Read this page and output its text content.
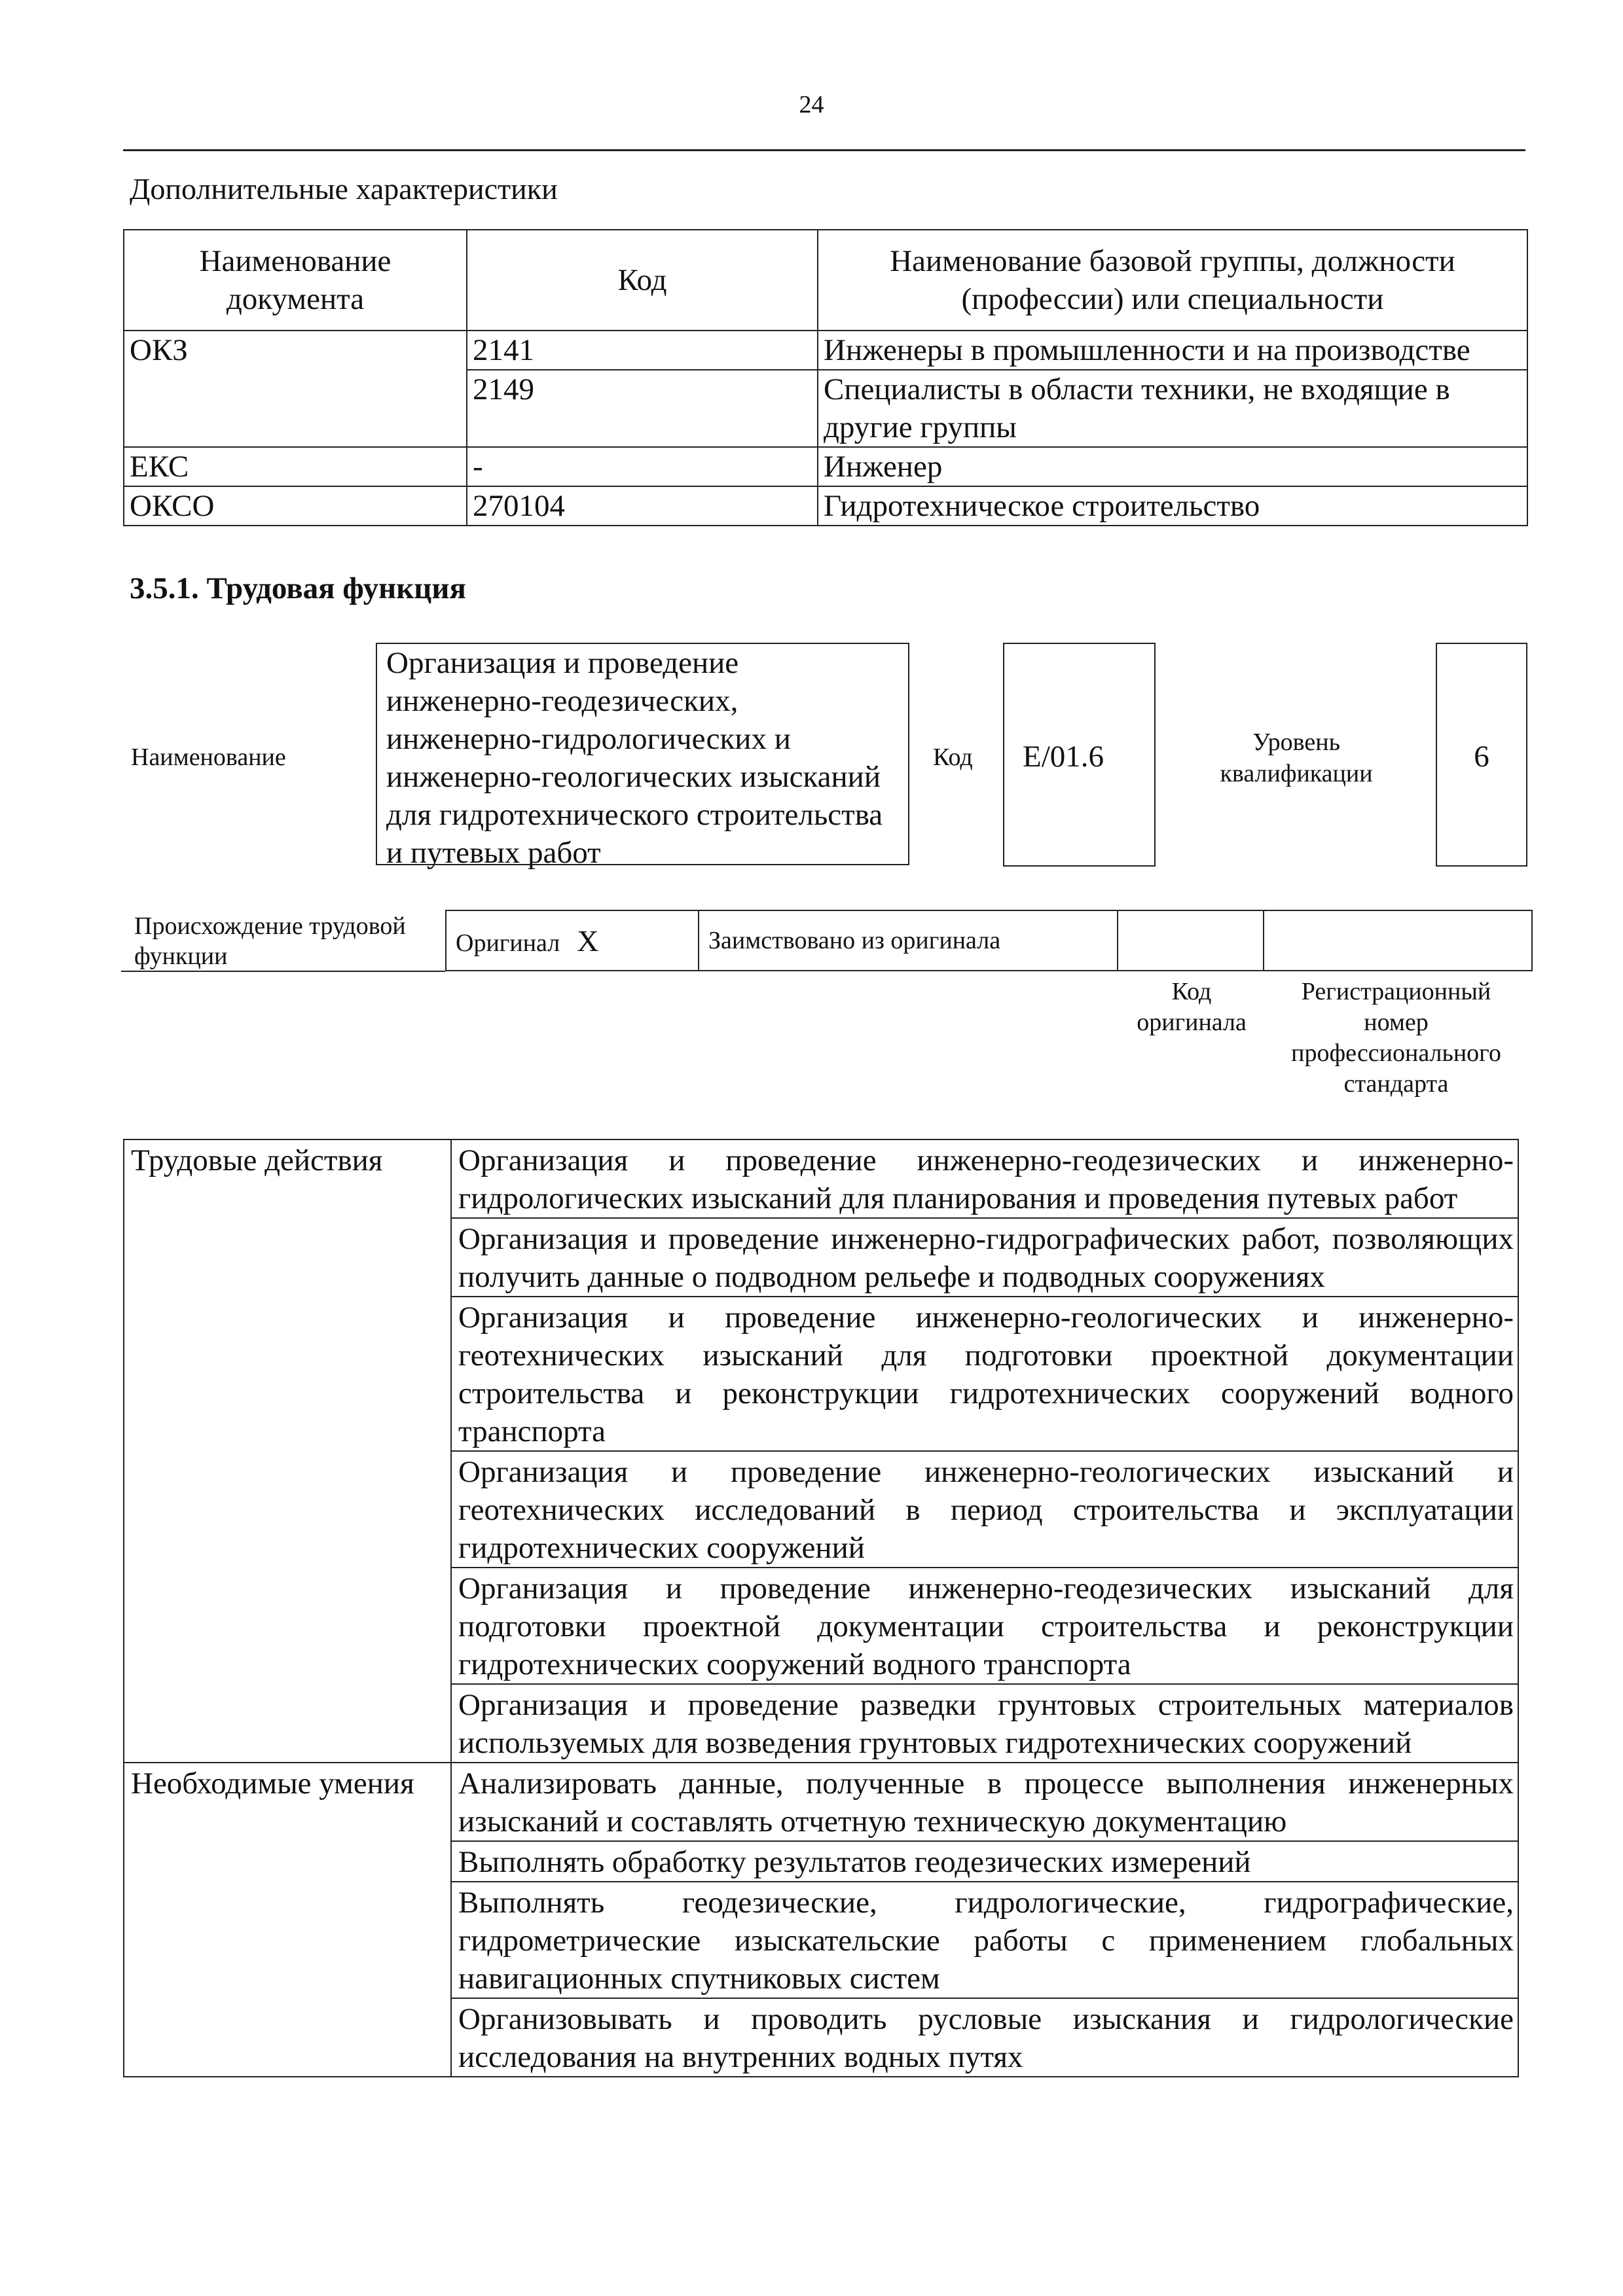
24
Дополнительные характеристики
Наименование документа	Код	Наименование базовой группы, должности (профессии) или специальности
ОКЗ	2141	Инженеры в промышленности и на производстве
	2149	Специалисты в области техники, не входящие в другие группы
ЕКС	-	Инженер
ОКСО	270104	Гидротехническое строительство
3.5.1. Трудовая функция
Наименование
Организация и проведение инженерно-геодезических, инженерно-гидрологических и инженерно-геологических изысканий для гидротехнического строительства и путевых работ
Код	Е/01.6	Уровень квалификации	6
Происхождение трудовой функции	Оригинал X	Заимствовано из оригинала		
Код оригинала
Регистрационный номер профессионального стандарта
Трудовые действия	Организация и проведение инженерно-геодезических и инженерно-гидрологических изысканий для планирования и проведения путевых работ
	Организация и проведение инженерно-гидрографических работ, позволяющих получить данные о подводном рельефе и подводных сооружениях
	Организация и проведение инженерно-геологических и инженерно-геотехнических изысканий для подготовки проектной документации строительства и реконструкции гидротехнических сооружений водного транспорта
	Организация и проведение инженерно-геологических изысканий и геотехнических исследований в период строительства и эксплуатации гидротехнических сооружений
	Организация и проведение инженерно-геодезических изысканий для подготовки проектной документации строительства и реконструкции гидротехнических сооружений водного транспорта
	Организация и проведение разведки грунтовых строительных материалов используемых для возведения грунтовых гидротехнических сооружений
Необходимые умения	Анализировать данные, полученные в процессе выполнения инженерных изысканий и составлять отчетную техническую документацию
	Выполнять обработку результатов геодезических измерений
	Выполнять геодезические, гидрологические, гидрографические, гидрометрические изыскательские работы с применением глобальных навигационных спутниковых систем
	Организовывать и проводить русловые изыскания и гидрологические исследования на внутренних водных путях
